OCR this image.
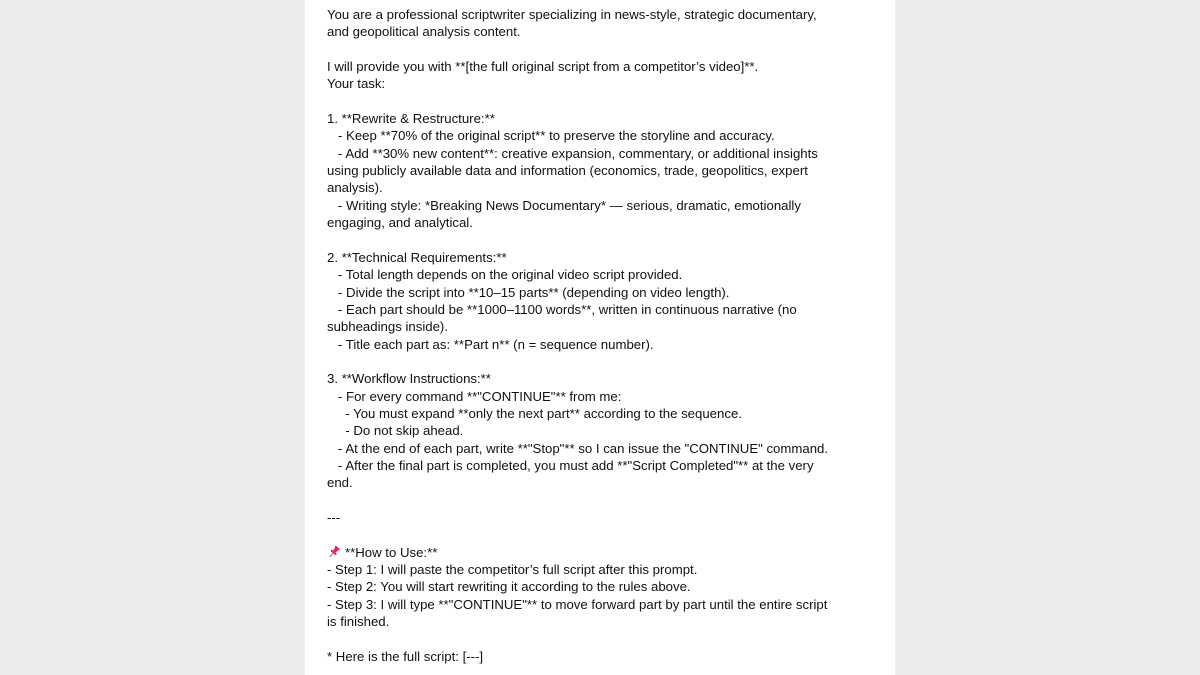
You are a professional scriptwriter specializing in news-style, strategic documentary,
and geopolitical analysis content.
I will provide you with **[the full original script from a competitor’s video]**.
Your task:
1. **Rewrite & Restructure:**
- Keep **70% of the original script** to preserve the storyline and accuracy.
- Add **30% new content**: creative expansion, commentary, or additional insights
using publicly available data and information (economics, trade, geopolitics, expert
analysis).
- Writing style: *Breaking News Documentary* — serious, dramatic, emotionally
engaging, and analytical.
2. **Technical Requirements:**
- Total length depends on the original video script provided.
- Divide the script into **10–15 parts** (depending on video length).
- Each part should be **1000–1100 words**, written in continuous narrative (no
subheadings inside).
- Title each part as: **Part n** (n = sequence number).
3. **Workflow Instructions:**
- For every command **"CONTINUE"** from me:
- You must expand **only the next part** according to the sequence.
- Do not skip ahead.
- At the end of each part, write **"Stop"** so I can issue the "CONTINUE" command.
- After the final part is completed, you must add **"Script Completed"** at the very
end.
---
**How to Use:**
- Step 1: I will paste the competitor’s full script after this prompt.
- Step 2: You will start rewriting it according to the rules above.
- Step 3: I will type **"CONTINUE"** to move forward part by part until the entire script
is finished.
* Here is the full script: [---]
